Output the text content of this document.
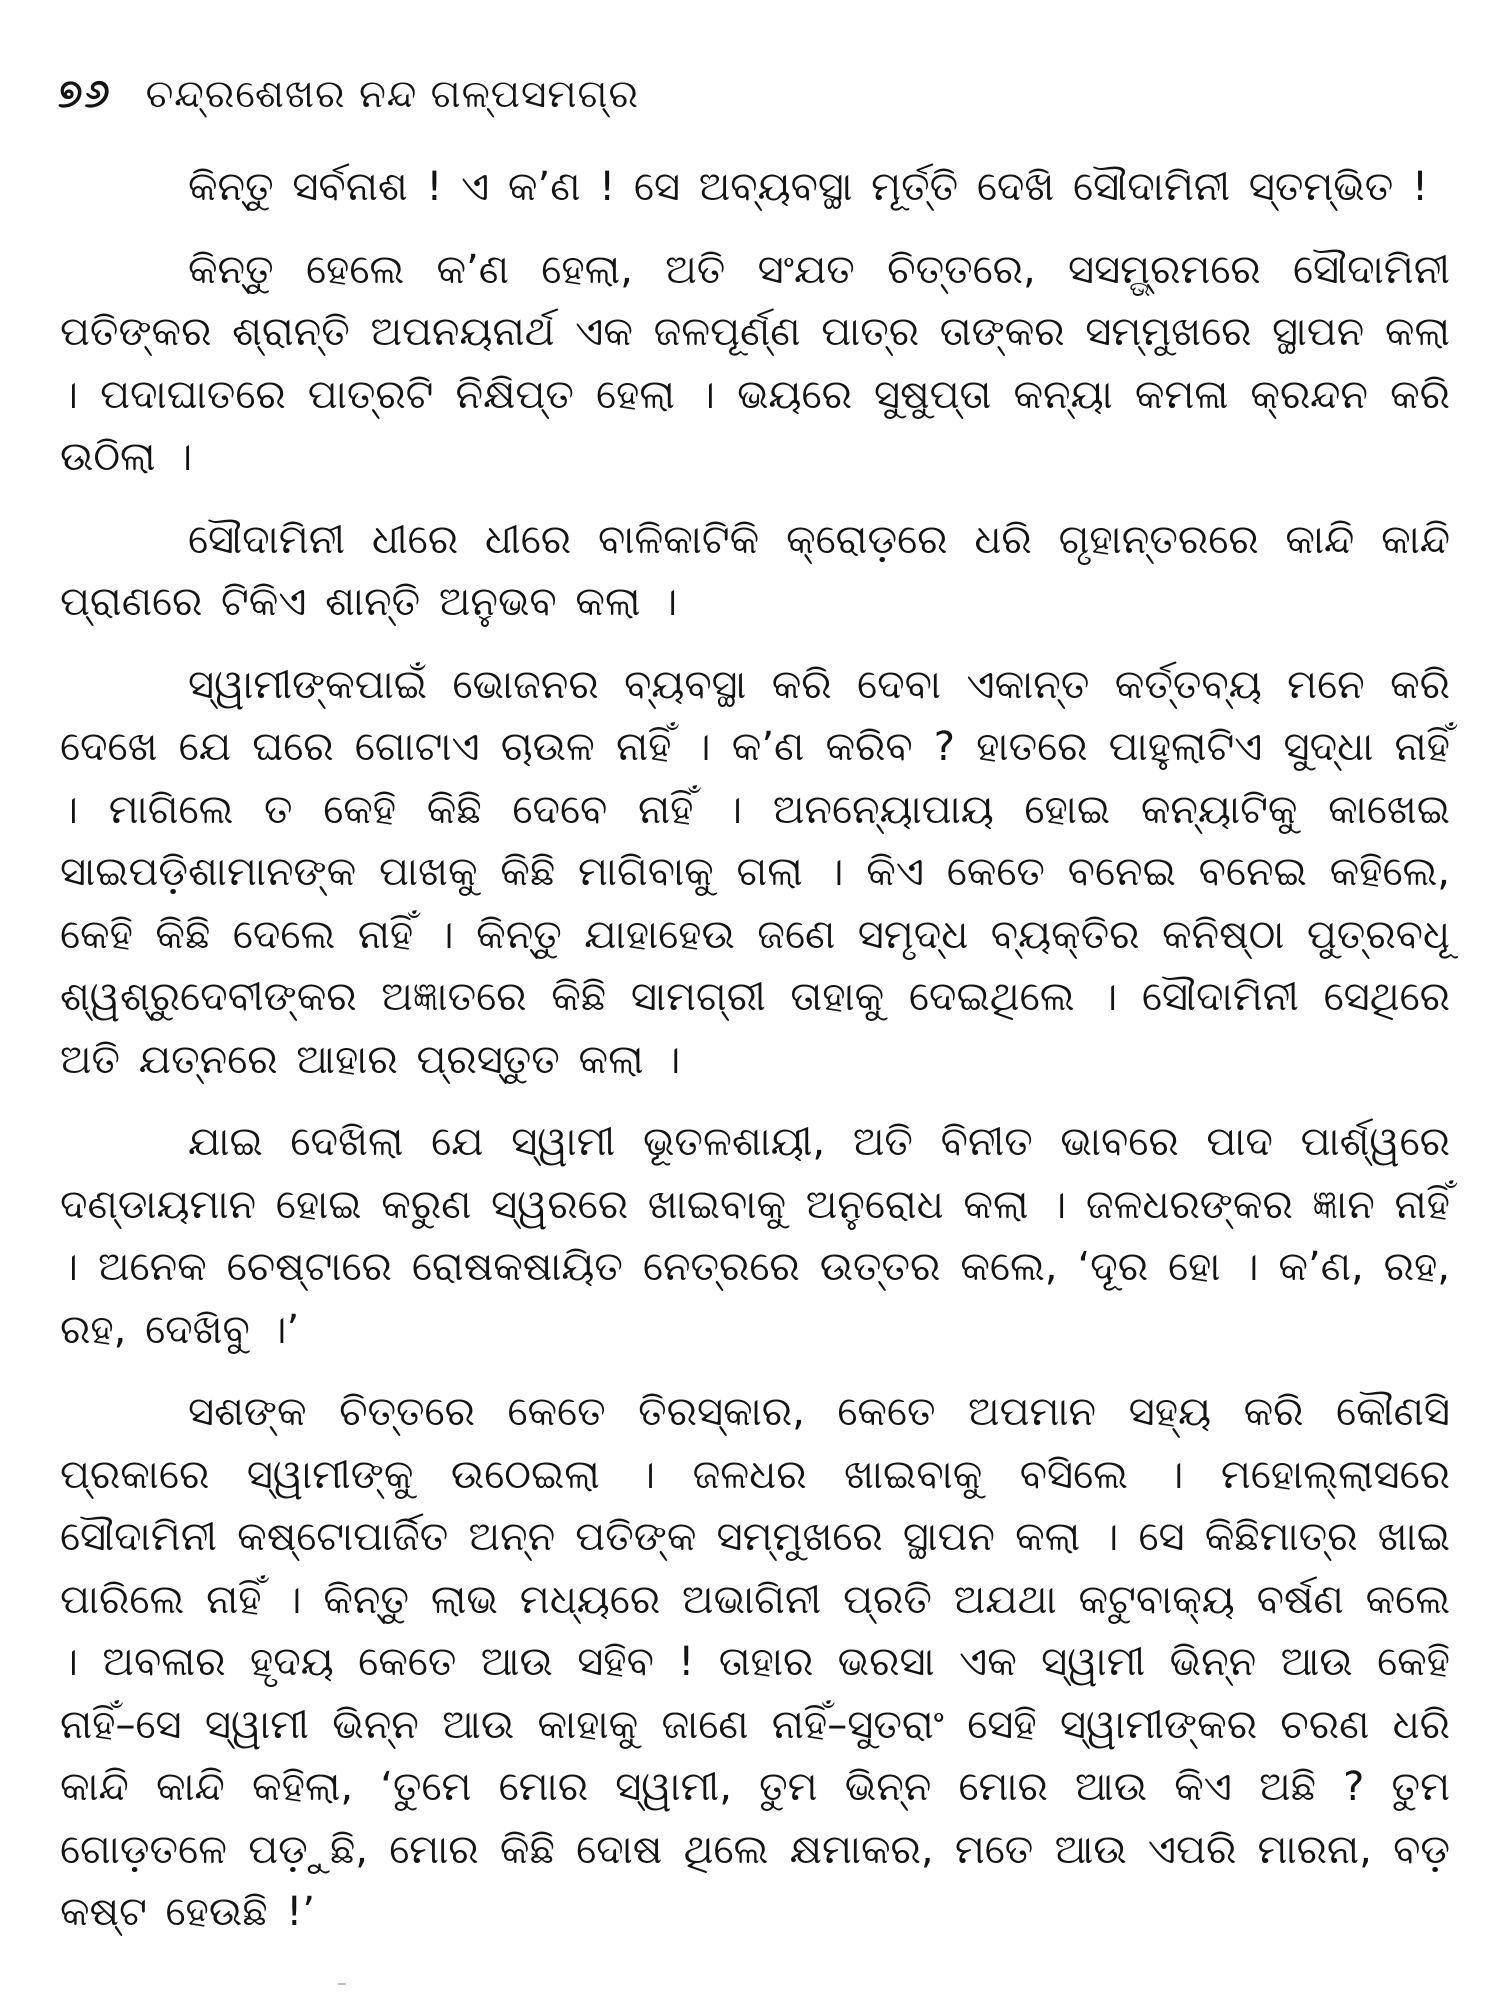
୭୬ ଚନ୍ଦ୍ରଶେଖର ନନ୍ଦ ଗଳ୍ପସମଗ୍ର

କିନ୍ତୁ ସର୍ବନାଶ ! ଏ କ’ଣ ! ସେ ଅବ୍ୟବସ୍ଥା ମୂର୍ତ୍ତି ଦେଖି ସୌଦାମିନୀ ସ୍ତମ୍ଭିତ !

କିନ୍ତୁ ହେଲେ କ’ଣ ହେଲା, ଅତି ସଂଯତ ଚିତ୍ତରେ, ସସମ୍ଭ୍ରମରେ ସୌଦାମିନୀ ପତିଙ୍କର ଶ୍ରାନ୍ତି ଅପନୟନାର୍ଥ ଏକ ଜଳପୂର୍ଣ୍ଣ ପାତ୍ର ତାଙ୍କର ସମ୍ମୁଖରେ ସ୍ଥାପନ କଲା । ପଦାଘାତରେ ପାତ୍ରଟି ନିକ୍ଷିପ୍ତ ହେଲା । ଭୟରେ ସୁଷୁପ୍ତା କନ୍ୟା କମଳା କ୍ରନ୍ଦନ କରି ଉଠିଲା ।

ସୌଦାମିନୀ ଧୀରେ ଧୀରେ ବାଳିକାଟିକି କ୍ରୋଡ଼ରେ ଧରି ଗୃହାନ୍ତରରେ କାନ୍ଦି କାନ୍ଦି ପ୍ରାଣରେ ଟିକିଏ ଶାନ୍ତି ଅନୁଭବ କଲା ।

ସ୍ୱାମୀଙ୍କପାଇଁ ଭୋଜନର ବ୍ୟବସ୍ଥା କରି ଦେବା ଏକାନ୍ତ କର୍ତ୍ତବ୍ୟ ମନେ କରି ଦେଖେ ଯେ ଘରେ ଗୋଟାଏ ଚାଉଳ ନାହିଁ । କ’ଣ କରିବ ? ହାତରେ ପାହୁଲାଟିଏ ସୁଦ୍ଧା ନାହିଁ । ମାଗିଲେ ତ କେହି କିଛି ଦେବେ ନାହିଁ । ଅନନ୍ୟୋପାୟ ହୋଇ କନ୍ୟାଟିକୁ କାଖେଇ ସାଇପଡ଼ିଶାମାନଙ୍କ ପାଖକୁ କିଛି ମାଗିବାକୁ ଗଲା । କିଏ କେତେ ବନେଇ ବନେଇ କହିଲେ, କେହି କିଛି ଦେଲେ ନାହିଁ । କିନ୍ତୁ ଯାହାହେଉ ଜଣେ ସମୃଦ୍ଧ ବ୍ୟକ୍ତିର କନିଷ୍ଠା ପୁତ୍ରବଧୂ ଶ୍ୱଶ୍ରୁଦେବୀଙ୍କର ଅଜ୍ଞାତରେ କିଛି ସାମଗ୍ରୀ ତାହାକୁ ଦେଇଥିଲେ । ସୌଦାମିନୀ ସେଥିରେ ଅତି ଯତ୍ନରେ ଆହାର ପ୍ରସ୍ତୁତ କଲା ।

ଯାଇ ଦେଖିଲା ଯେ ସ୍ୱାମୀ ଭୂତଳଶାୟୀ, ଅତି ବିନୀତ ଭାବରେ ପାଦ ପାର୍ଶ୍ୱରେ ଦଣ୍ଡାୟମାନ ହୋଇ କରୁଣ ସ୍ୱରରେ ଖାଇବାକୁ ଅନୁରୋଧ କଲା । ଜଳଧରଙ୍କର ଜ୍ଞାନ ନାହିଁ । ଅନେକ ଚେଷ୍ଟାରେ ରୋଷକଷାୟିତ ନେତ୍ରରେ ଉତ୍ତର କଲେ, ‘ଦୂର ହୋ । କ’ଣ, ରହ, ରହ, ଦେଖିବୁ ।’

ସଶଙ୍କ ଚିତ୍ତରେ କେତେ ତିରସ୍କାର, କେତେ ଅପମାନ ସହ୍ୟ କରି କୌଣସି ପ୍ରକାରେ ସ୍ୱାମୀଙ୍କୁ ଉଠେଇଲା । ଜଳଧର ଖାଇବାକୁ ବସିଲେ । ମହୋଲ୍ଲାସରେ ସୌଦାମିନୀ କଷ୍ଟୋପାର୍ଜିତ ଅନ୍ନ ପତିଙ୍କ ସମ୍ମୁଖରେ ସ୍ଥାପନ କଲା । ସେ କିଛିମାତ୍ର ଖାଇ ପାରିଲେ ନାହିଁ । କିନ୍ତୁ ଲାଭ ମଧ୍ୟରେ ଅଭାଗିନୀ ପ୍ରତି ଅଯଥା କଟୁବାକ୍ୟ ବର୍ଷଣ କଲେ । ଅବଳାର ହୃଦୟ କେତେ ଆଉ ସହିବ ! ତାହାର ଭରସା ଏକ ସ୍ୱାମୀ ଭିନ୍ନ ଆଉ କେହି ନାହିଁ–ସେ ସ୍ୱାମୀ ଭିନ୍ନ ଆଉ କାହାକୁ ଜାଣେ ନାହିଁ–ସୁତରାଂ ସେହି ସ୍ୱାମୀଙ୍କର ଚରଣ ଧରି କାନ୍ଦି କାନ୍ଦି କହିଲା, ‘ତୁମେ ମୋର ସ୍ୱାମୀ, ତୁମ ଭିନ୍ନ ମୋର ଆଉ କିଏ ଅଛି ? ତୁମ ଗୋଡ଼ତଳେ ପଡ଼ୁଛି, ମୋର କିଛି ଦୋଷ ଥିଲେ କ୍ଷମାକର, ମତେ ଆଉ ଏପରି ମାରନା, ବଡ଼ କଷ୍ଟ ହେଉଛି !’
